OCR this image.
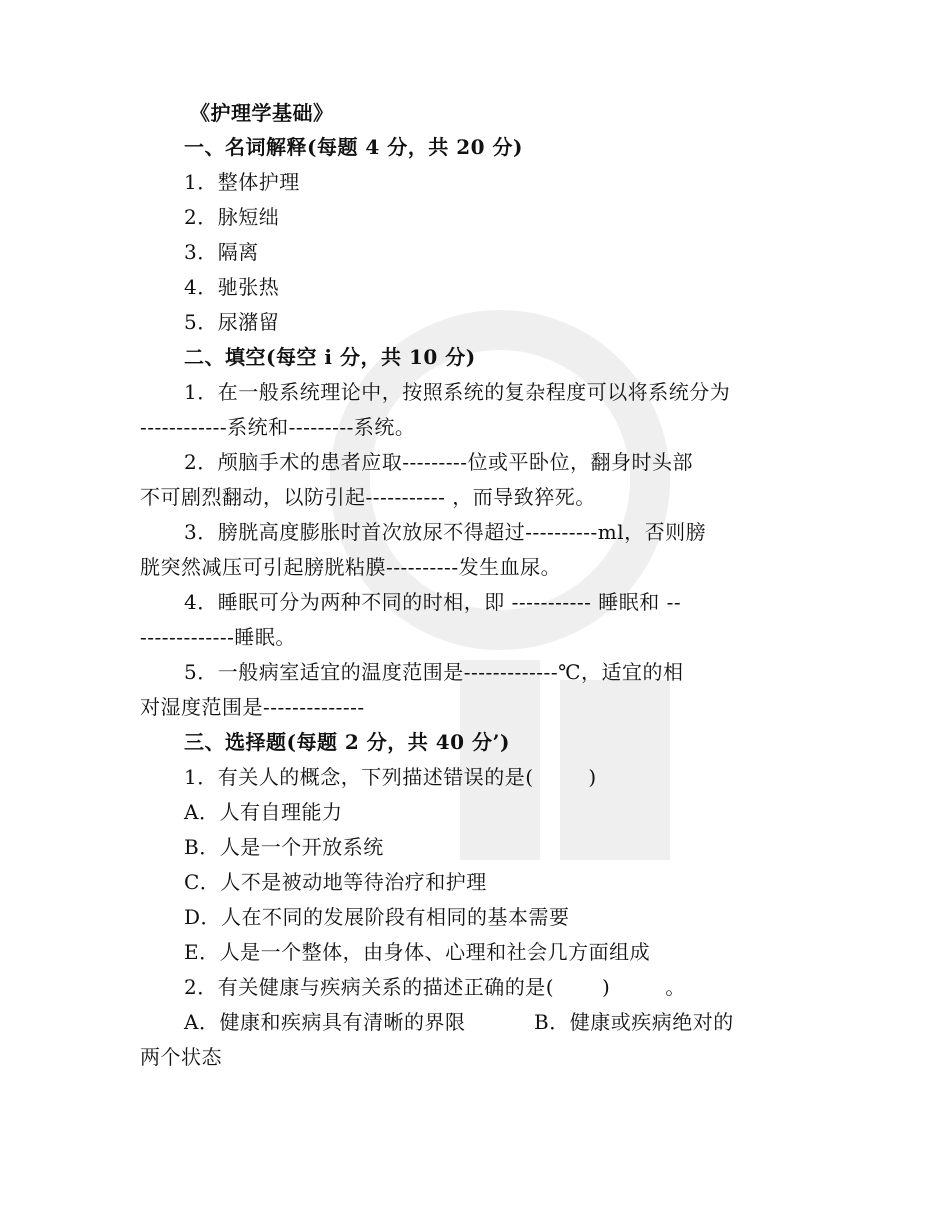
《护理学基础》
一、名词解释(每题 4 分，共 20 分)
1．整体护理
2．脉短绌
3．隔离
4．驰张热
5．尿潴留
二、填空(每空 i 分，共 10 分)
1．在一般系统理论中，按照系统的复杂程度可以将系统分为
------------系统和---------系统。
2．颅脑手术的患者应取---------位或平卧位，翻身时头部
不可剧烈翻动，以防引起----------- ，而导致猝死。
3．膀胱高度膨胀时首次放尿不得超过----------ml，否则膀
胱突然减压可引起膀胱粘膜----------发生血尿。
4．睡眠可分为两种不同的时相，即 ----------- 睡眠和 --
-------------睡眠。
5．一般病室适宜的温度范围是-------------℃，适宜的相
对湿度范围是--------------
三、选择题(每题 2 分，共 40 分’)
1．有关人的概念，下列描述错误的是(        )
A．人有自理能力
B．人是一个开放系统
C．人不是被动地等待治疗和护理
D．人在不同的发展阶段有相同的基本需要
E．人是一个整体，由身体、心理和社会几方面组成
2．有关健康与疾病关系的描述正确的是(       )        。
A．健康和疾病具有清晰的界限          B．健康或疾病绝对的
两个状态
